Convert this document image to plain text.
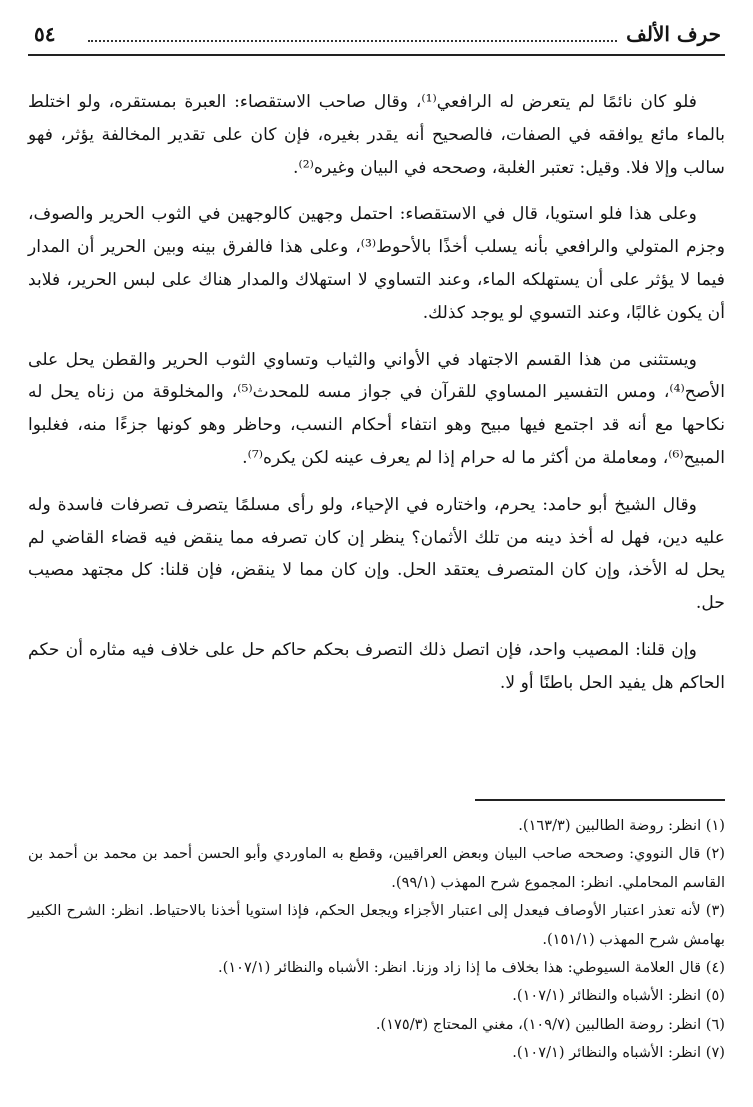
حرف الألف
٥٤

فلو كان نائمًا لم يتعرض له الرافعي⁽¹⁾، وقال صاحب الاستقصاء: العبرة بمستقره، ولو اختلط بالماء مائع يوافقه في الصفات، فالصحيح أنه يقدر بغيره، فإن كان على تقدير المخالفة يؤثر، فهو سالب وإلا فلا. وقيل: تعتبر الغلبة، وصححه في البيان وغيره⁽²⁾.

وعلى هذا فلو استويا، قال في الاستقصاء: احتمل وجهين كالوجهين في الثوب الحرير والصوف، وجزم المتولي والرافعي بأنه يسلب أخذًا بالأحوط⁽³⁾، وعلى هذا فالفرق بينه وبين الحرير أن المدار فيما لا يؤثر على أن يستهلكه الماء، وعند التساوي لا استهلاك والمدار هناك على لبس الحرير، فلابد أن يكون غالبًا، وعند التسوي لو يوجد كذلك.

ويستثنى من هذا القسم الاجتهاد في الأواني والثياب وتساوي الثوب الحرير والقطن يحل على الأصح⁽⁴⁾، ومس التفسير المساوي للقرآن في جواز مسه للمحدث⁽⁵⁾، والمخلوقة من زناه يحل له نكاحها مع أنه قد اجتمع فيها مبيح وهو انتفاء أحكام النسب، وحاظر وهو كونها جزءًا منه، فغلبوا المبيح⁽⁶⁾، ومعاملة من أكثر ما له حرام إذا لم يعرف عينه لكن يكره⁽⁷⁾.

وقال الشيخ أبو حامد: يحرم، واختاره في الإحياء، ولو رأى مسلمًا يتصرف تصرفات فاسدة وله عليه دين، فهل له أخذ دينه من تلك الأثمان؟ ينظر إن كان تصرفه مما ينقض فيه قضاء القاضي لم يحل له الأخذ، وإن كان المتصرف يعتقد الحل. وإن كان مما لا ينقض، فإن قلنا: كل مجتهد مصيب حل.

وإن قلنا: المصيب واحد، فإن اتصل ذلك التصرف بحكم حاكم حل على خلاف فيه مثاره أن حكم الحاكم هل يفيد الحل باطنًا أو لا.

(١) انظر: روضة الطالبين (١٦٣/٣).

(٢) قال النووي: وصححه صاحب البيان وبعض العراقيين، وقطع به الماوردي وأبو الحسن أحمد بن محمد بن أحمد بن القاسم المحاملي. انظر: المجموع شرح المهذب (٩٩/١).

(٣) لأنه تعذر اعتبار الأوصاف فيعدل إلى اعتبار الأجزاء ويجعل الحكم، فإذا استويا أخذنا بالاحتياط. انظر: الشرح الكبير بهامش شرح المهذب (١٥١/١).

(٤) قال العلامة السيوطي: هذا بخلاف ما إذا زاد وزنا. انظر: الأشباه والنظائر (١٠٧/١).

(٥) انظر: الأشباه والنظائر (١٠٧/١).

(٦) انظر: روضة الطالبين (١٠٩/٧)، مغني المحتاج (١٧٥/٣).

(٧) انظر: الأشباه والنظائر (١٠٧/١).
